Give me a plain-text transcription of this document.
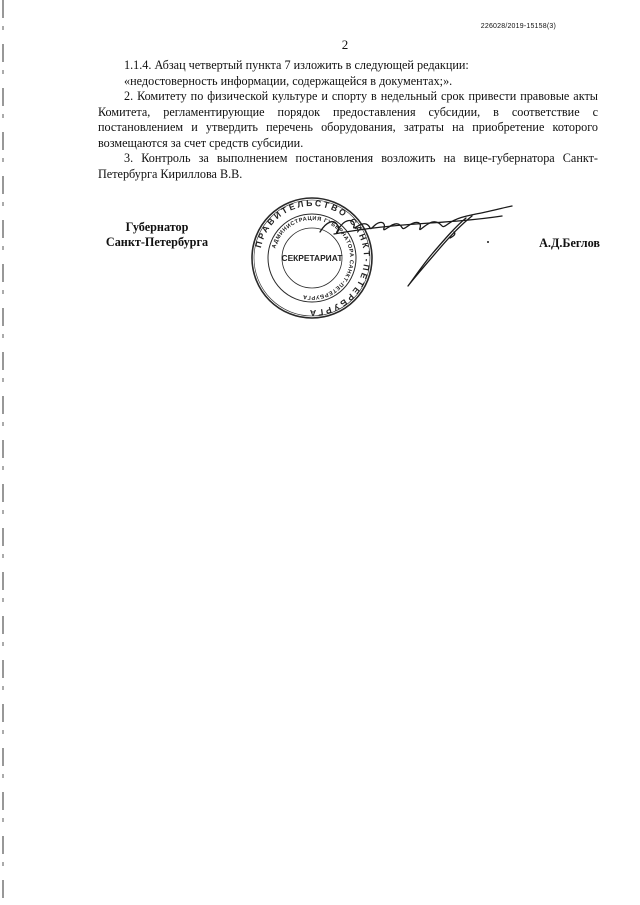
226028/2019-15158(3)
2

1.1.4. Абзац четвертый пункта 7 изложить в следующей редакции:

«недостоверность информации, содержащейся в документах;».

2. Комитету по физической культуре и спорту в недельный срок привести правовые акты Комитета, регламентирующие порядок предоставления субсидии, в соответствие с постановлением и утвердить перечень оборудования, затраты на приобретение которого возмещаются за счет средств субсидии.

3. Контроль за выполнением постановления возложить на вице-губернатора Санкт-Петербурга Кириллова В.В.

Губернатор
Санкт-Петербурга	ПРАВИТЕЛЬСТВО САНКТ-ПЕТЕРБУРГА
АДМИНИСТРАЦИЯ ГУБЕРНАТОРА САНКТ-ПЕТЕРБУРГА
СЕКРЕТАРИАТ
А.Д.Беглов
